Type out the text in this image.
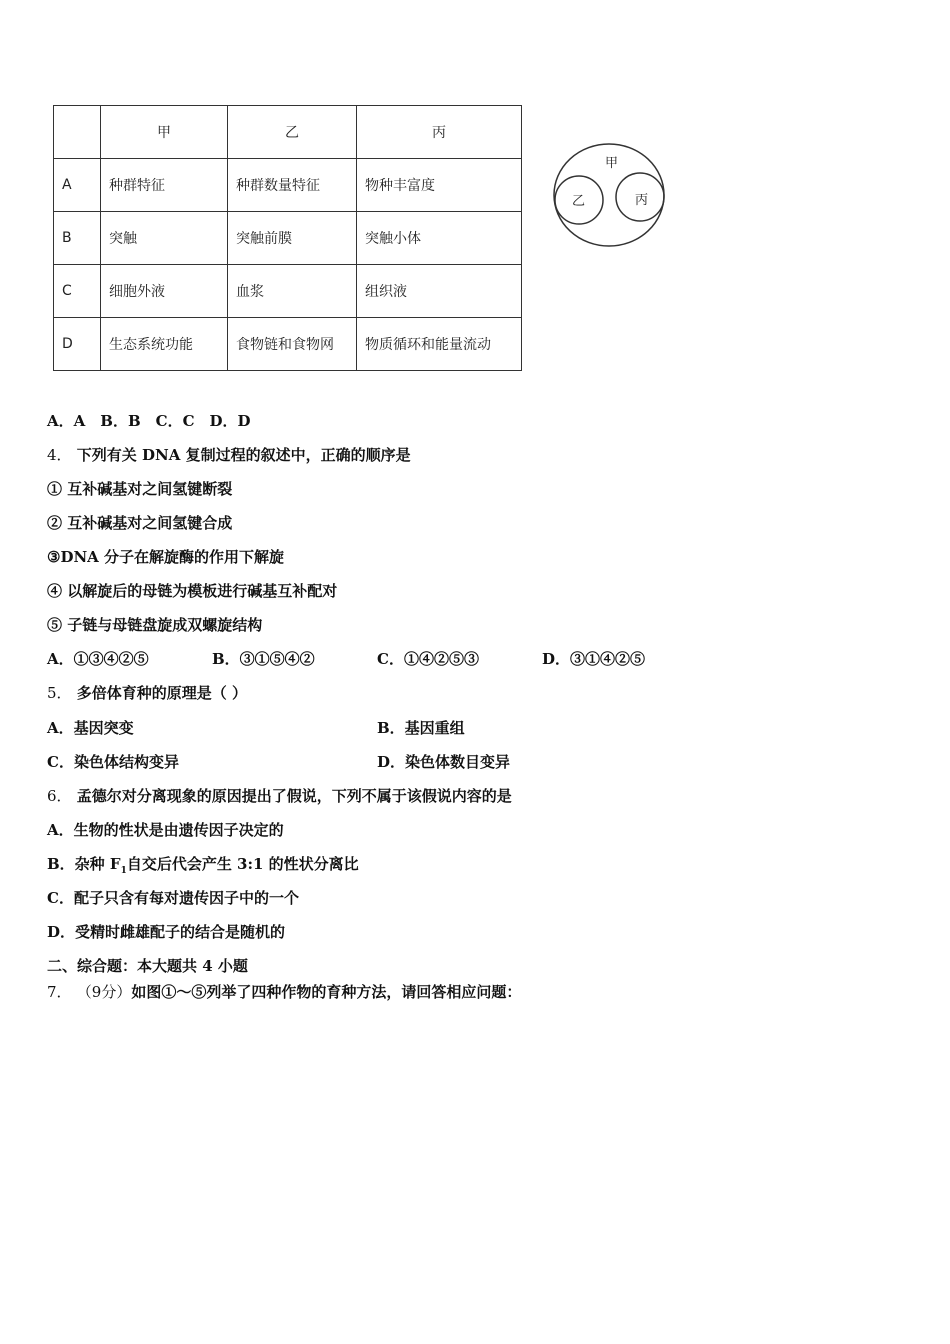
	甲	乙	丙
A	种群特征	种群数量特征	物种丰富度
B	突触	突触前膜	突触小体
C	细胞外液	血浆	组织液
D	生态系统功能	食物链和食物网	物质循环和能量流动
甲
乙	丙
A．A　B．B　C．C　D．D
4． 下列有关 DNA 复制过程的叙述中，正确的顺序是
① 互补碱基对之间氢键断裂
② 互补碱基对之间氢键合成
③DNA 分子在解旋酶的作用下解旋
④ 以解旋后的母链为模板进行碱基互补配对
⑤ 子链与母链盘旋成双螺旋结构
A．①③④②⑤	B．③①⑤④②	C．①④②⑤③	D．③①④②⑤
5． 多倍体育种的原理是（ ）
A．基因突变	B．基因重组
C．染色体结构变异	D．染色体数目变异
6． 孟德尔对分离现象的原因提出了假说，下列不属于该假说内容的是
A．生物的性状是由遗传因子决定的
B．杂种 $F_1$自交后代会产生 3:1 的性状分离比
C．配子只含有每对遗传因子中的一个
D．受精时雌雄配子的结合是随机的
二、综合题：本大题共 4 小题
7． （9分）如图①～⑤列举了四种作物的育种方法，请回答相应问题：
